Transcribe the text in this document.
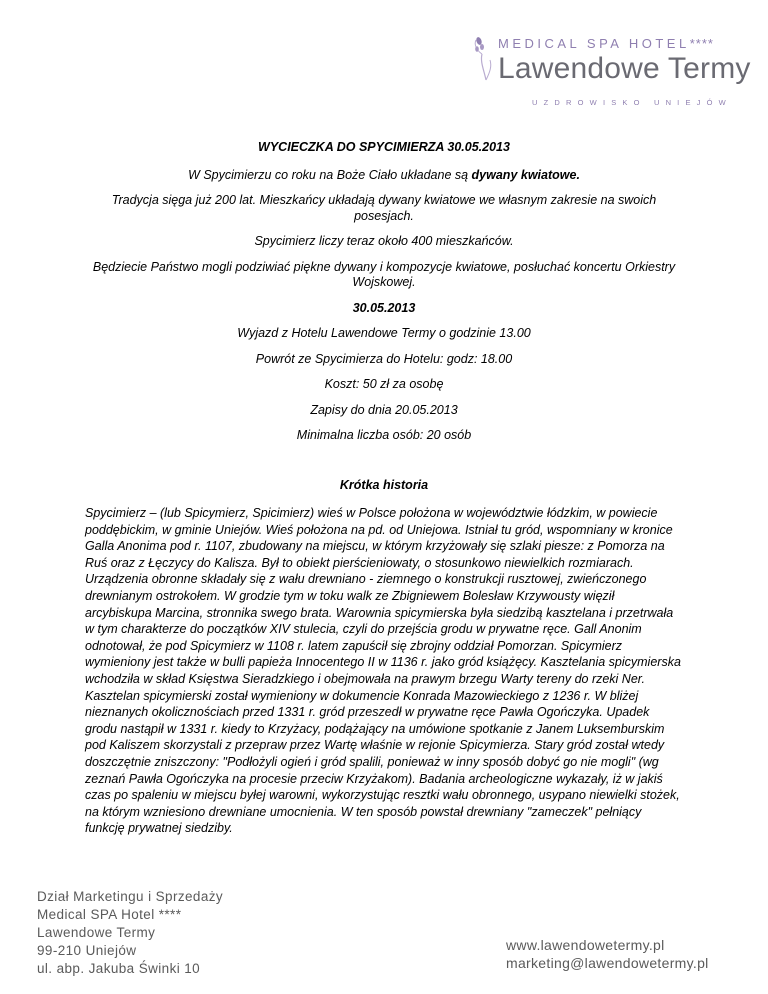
MEDICAL SPA HOTEL****
Lawendowe Termy
UZDROWISKO UNIEJÓW

WYCIECZKA DO SPYCIMIERZA 30.05.2013

W Spycimierzu co roku na Boże Ciało układane są dywany kwiatowe.

Tradycja sięga już 200 lat. Mieszkańcy układają dywany kwiatowe we własnym zakresie na swoich posesjach.

Spycimierz liczy teraz około 400 mieszkańców.

Będziecie Państwo mogli podziwiać piękne dywany i kompozycje kwiatowe, posłuchać koncertu Orkiestry Wojskowej.

30.05.2013

Wyjazd z Hotelu Lawendowe Termy o godzinie 13.00

Powrót ze Spycimierza do Hotelu: godz: 18.00

Koszt: 50 zł za osobę

Zapisy do dnia 20.05.2013

Minimalna liczba osób: 20 osób

Krótka historia

Spycimierz – (lub Spicymierz, Spicimierz) wieś w Polsce położona w województwie łódzkim, w powiecie poddębickim, w gminie Uniejów. Wieś położona na pd. od Uniejowa. Istniał tu gród, wspomniany w kronice Galla Anonima pod r. 1107, zbudowany na miejscu, w którym krzyżowały się szlaki piesze: z Pomorza na Ruś oraz z Łęczycy do Kalisza. Był to obiekt pierścieniowaty, o stosunkowo niewielkich rozmiarach. Urządzenia obronne składały się z wału drewniano - ziemnego o konstrukcji rusztowej, zwieńczonego drewnianym ostrokołem. W grodzie tym w toku walk ze Zbigniewem Bolesław Krzywousty więził arcybiskupa Marcina, stronnika swego brata. Warownia spicymierska była siedzibą kasztelana i przetrwała w tym charakterze do początków XIV stulecia, czyli do przejścia grodu w prywatne ręce. Gall Anonim odnotował, że pod Spicymierz w 1108 r. latem zapuścił się zbrojny oddział Pomorzan. Spicymierz wymieniony jest także w bulli papieża Innocentego II w 1136 r. jako gród książęcy. Kasztelania spicymierska wchodziła w skład Księstwa Sieradzkiego i obejmowała na prawym brzegu Warty tereny do rzeki Ner. Kasztelan spicymierski został wymieniony w dokumencie Konrada Mazowieckiego z 1236 r. W bliżej nieznanych okolicznościach przed 1331 r. gród przeszedł w prywatne ręce Pawła Ogończyka. Upadek grodu nastąpił w 1331 r. kiedy to Krzyżacy, podążający na umówione spotkanie z Janem Luksemburskim pod Kaliszem skorzystali z przepraw przez Wartę właśnie w rejonie Spicymierza. Stary gród został wtedy doszczętnie zniszczony: "Podłożyli ogień i gród spalili, ponieważ w inny sposób dobyć go nie mogli" (wg zeznań Pawła Ogończyka na procesie przeciw Krzyżakom). Badania archeologiczne wykazały, iż w jakiś czas po spaleniu w miejscu byłej warowni, wykorzystując resztki wału obronnego, usypano niewielki stożek, na którym wzniesiono drewniane umocnienia. W ten sposób powstał drewniany "zameczek" pełniący funkcję prywatnej siedziby.

Dział Marketingu i Sprzedaży
Medical SPA Hotel ****
Lawendowe Termy
99-210 Uniejów
ul. abp. Jakuba Świnki 10
www.lawendowetermy.pl
marketing@lawendowetermy.pl
